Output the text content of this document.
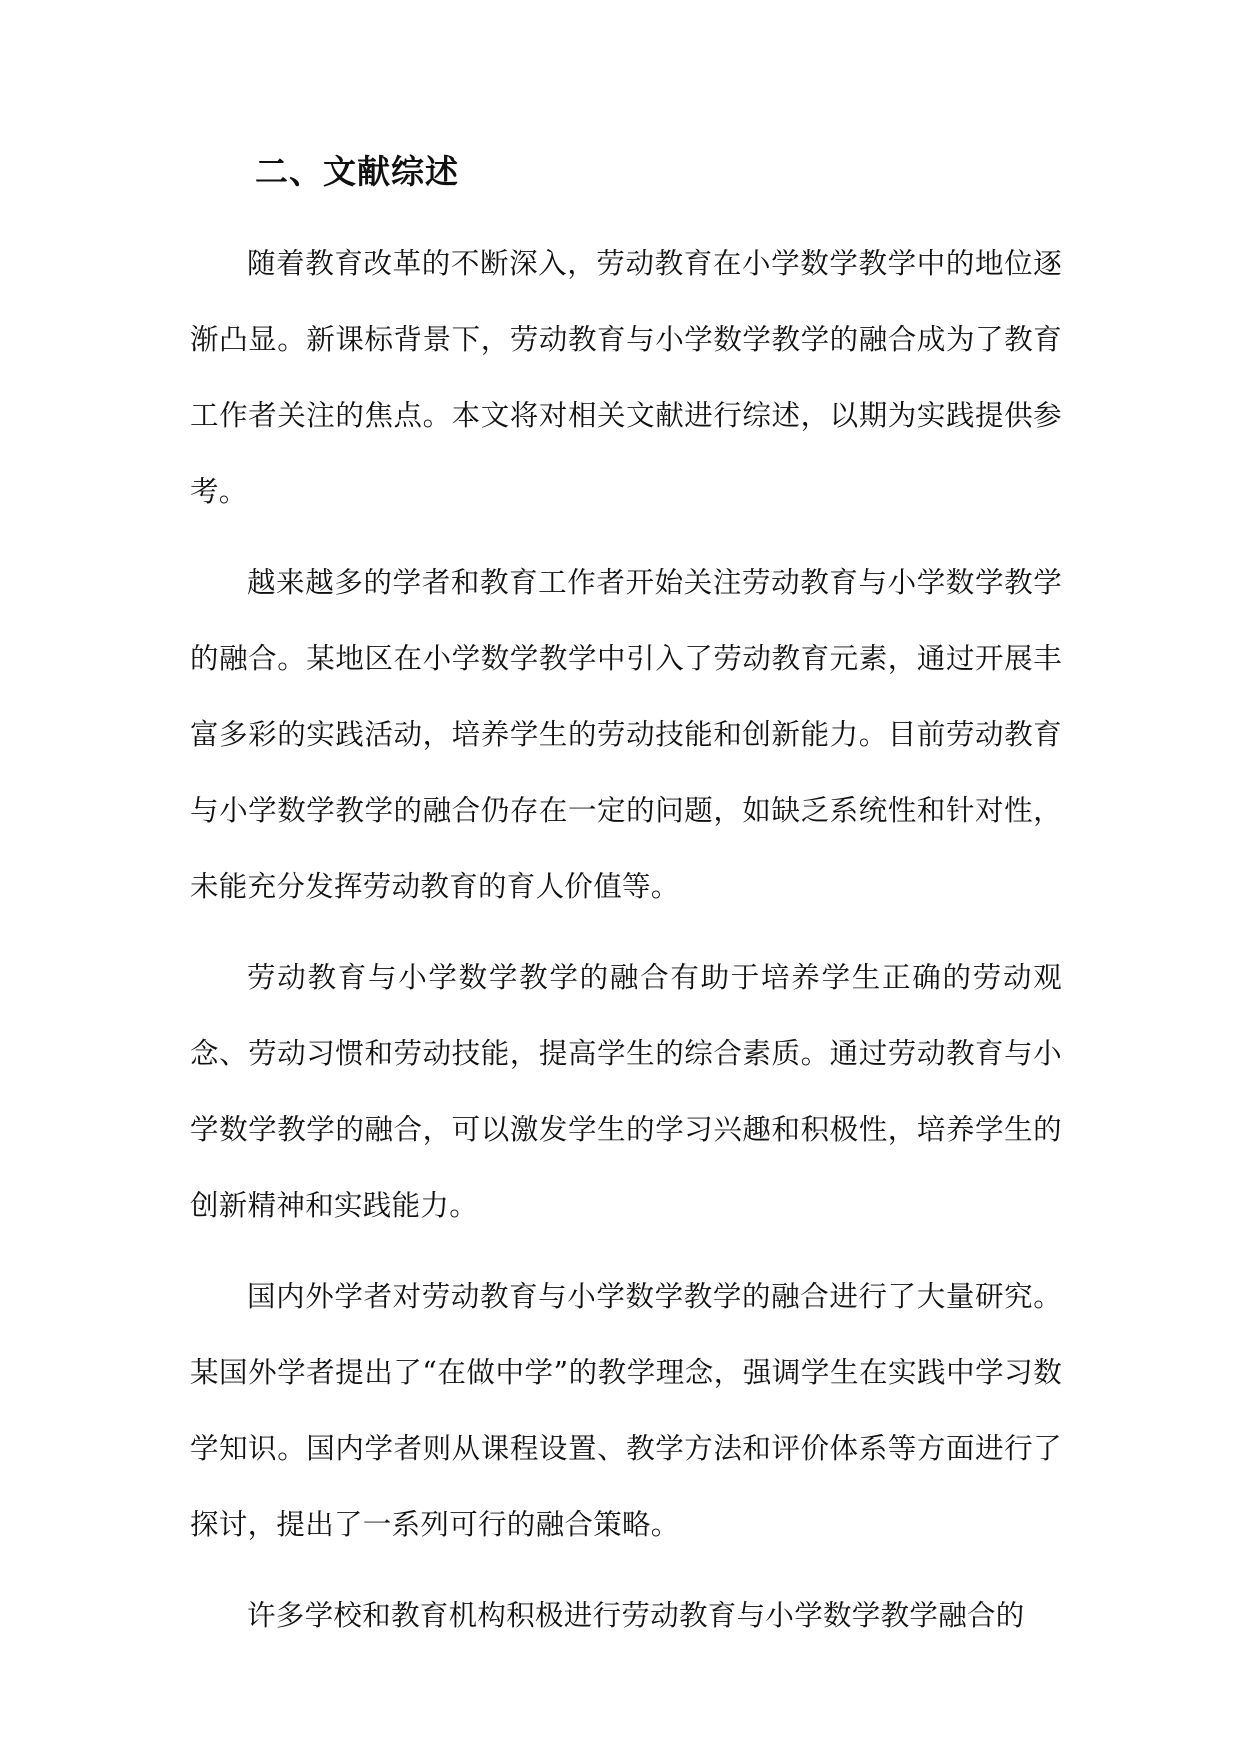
二、文献综述

随着教育改革的不断深入，劳动教育在小学数学教学中的地位逐渐凸显。新课标背景下，劳动教育与小学数学教学的融合成为了教育工作者关注的焦点。本文将对相关文献进行综述，以期为实践提供参考。

越来越多的学者和教育工作者开始关注劳动教育与小学数学教学的融合。某地区在小学数学教学中引入了劳动教育元素，通过开展丰富多彩的实践活动，培养学生的劳动技能和创新能力。目前劳动教育与小学数学教学的融合仍存在一定的问题，如缺乏系统性和针对性，未能充分发挥劳动教育的育人价值等。

劳动教育与小学数学教学的融合有助于培养学生正确的劳动观念、劳动习惯和劳动技能，提高学生的综合素质。通过劳动教育与小学数学教学的融合，可以激发学生的学习兴趣和积极性，培养学生的创新精神和实践能力。

国内外学者对劳动教育与小学数学教学的融合进行了大量研究。某国外学者提出了“在做中学”的教学理念，强调学生在实践中学习数学知识。国内学者则从课程设置、教学方法和评价体系等方面进行了探讨，提出了一系列可行的融合策略。

许多学校和教育机构积极进行劳动教育与小学数学教学融合的
